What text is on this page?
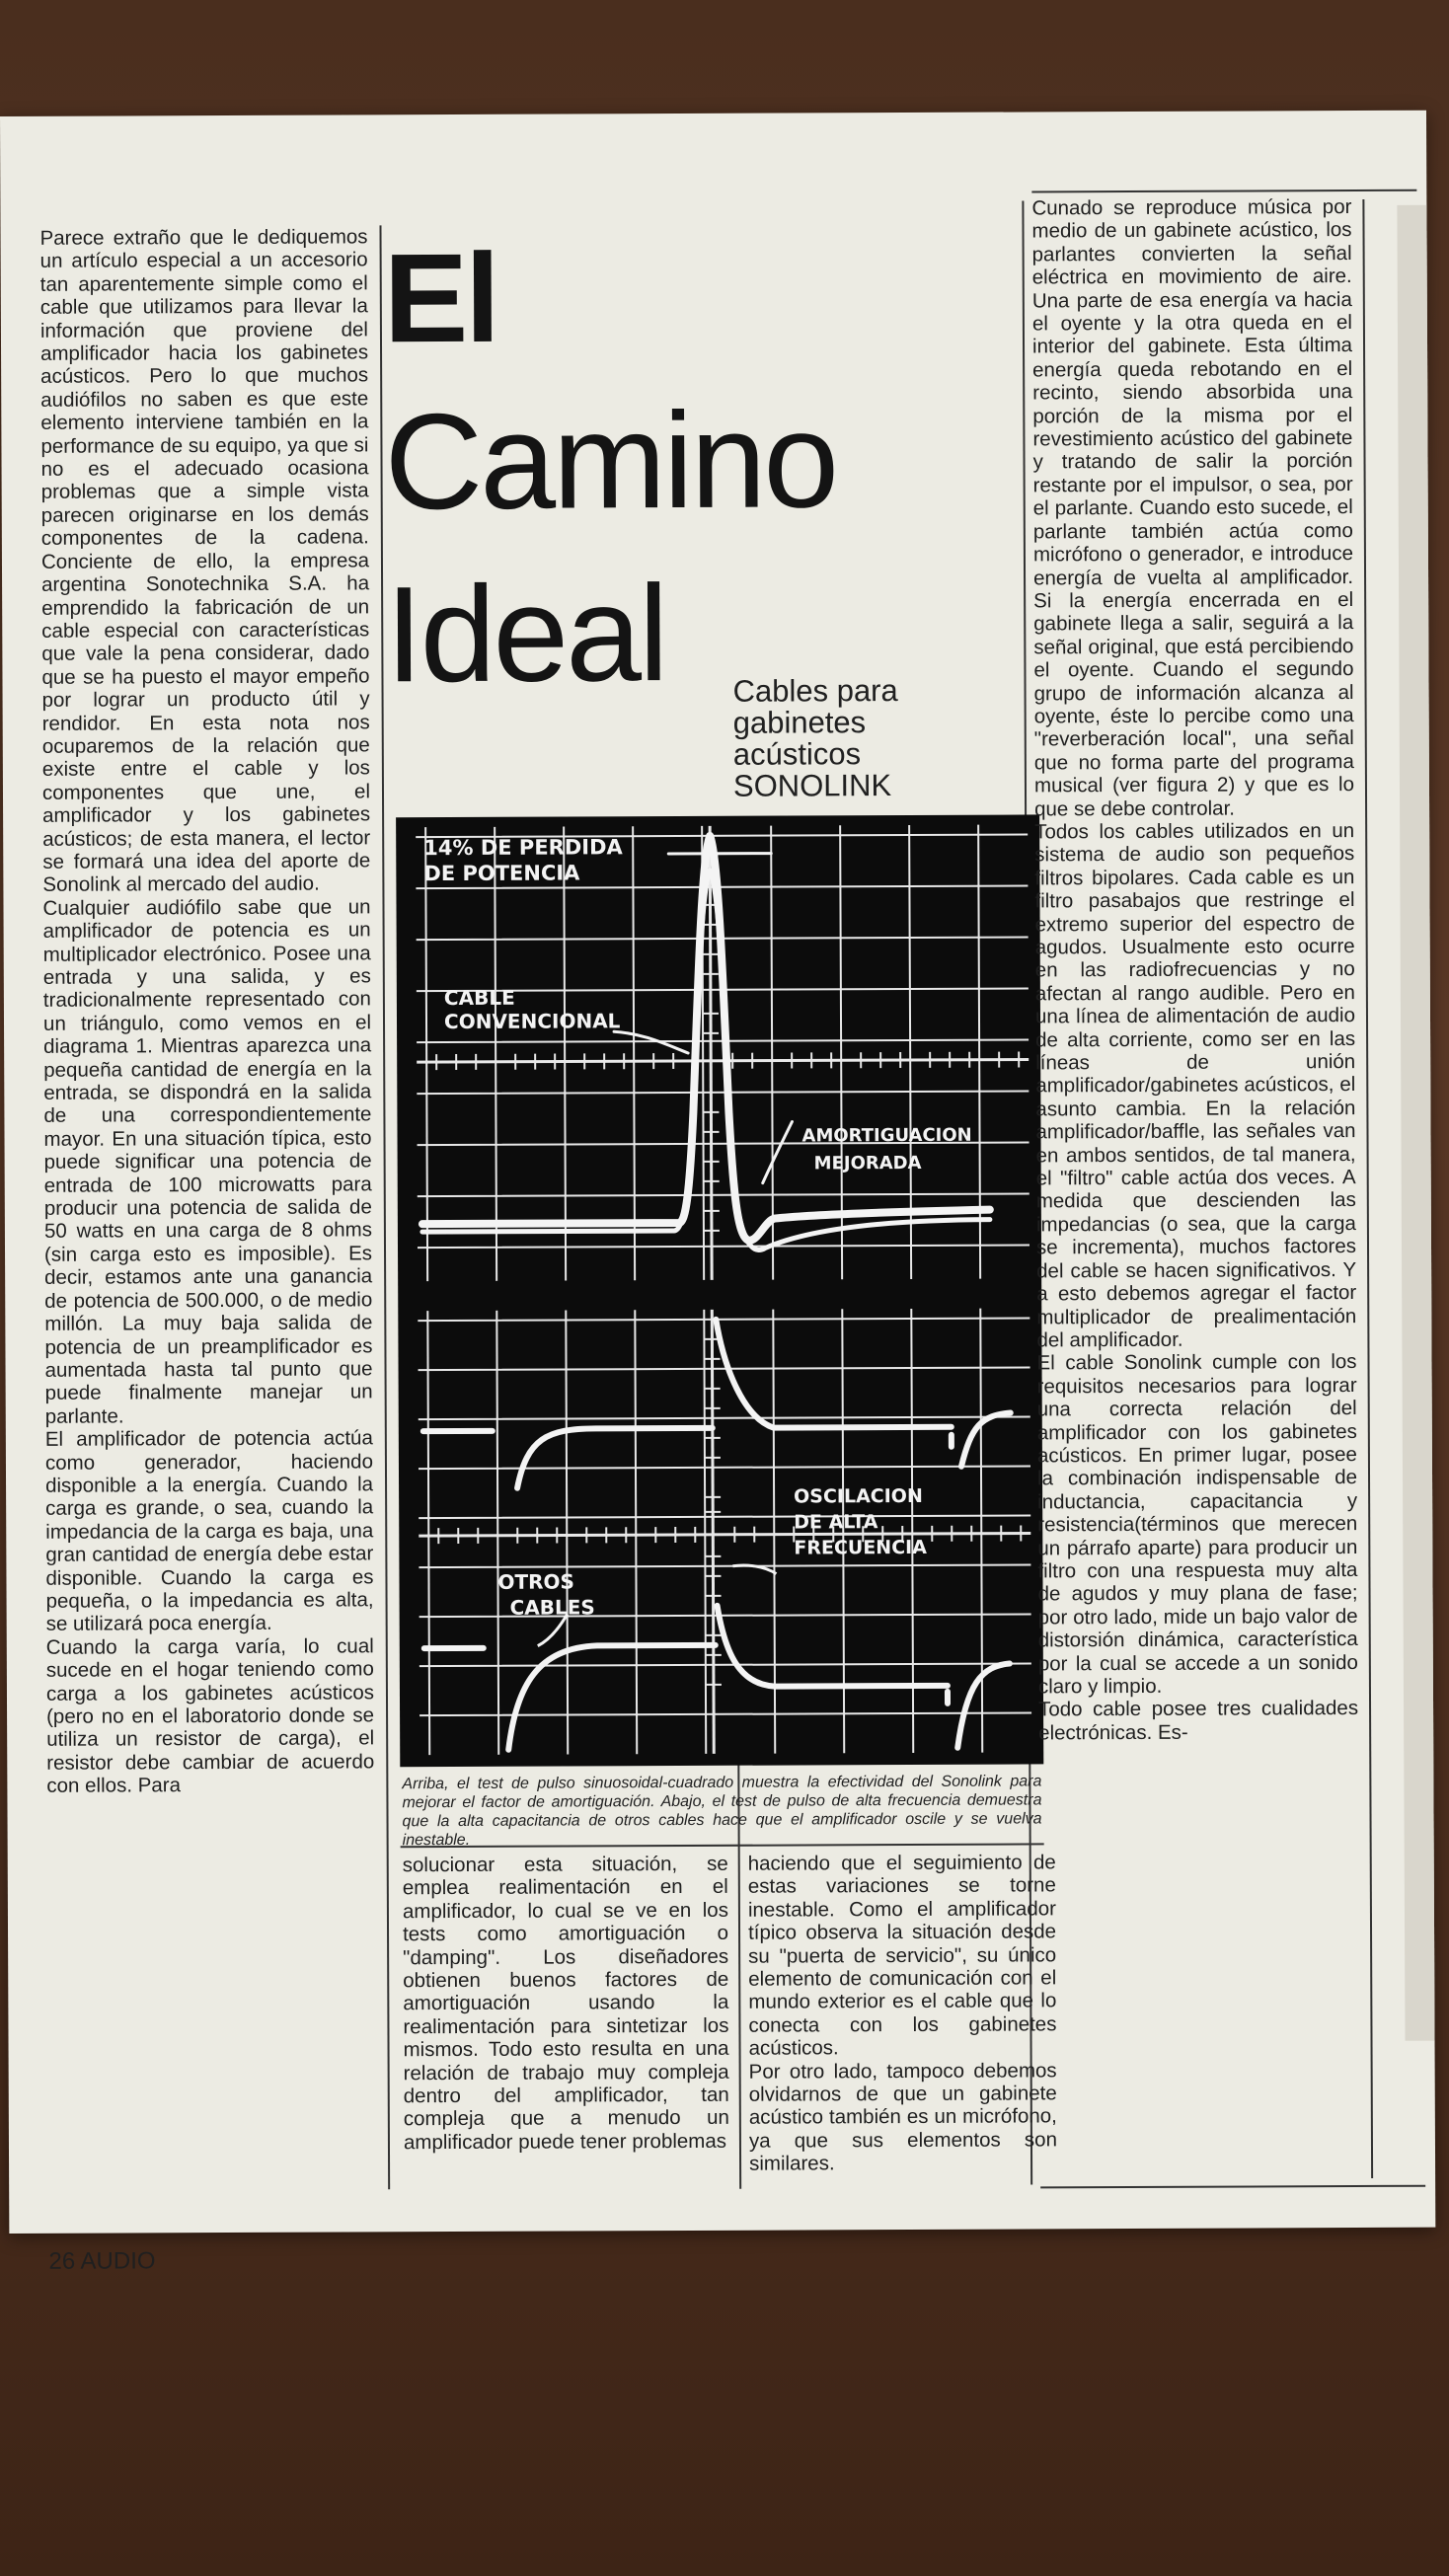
El
Camino
Ideal	Cables para
gabinetes
acústicos
SONOLINK
14% DE PERDIDA
DE POTENCIA
CABLE
CONVENCIONAL
AMORTIGUACION
MEJORADA
OSCILACION
DE ALTA
FRECUENCIA
OTROS
CABLES
Arriba, el test de pulso sinuosoidal-cuadrado muestra la efectividad del Sonolink para mejorar el factor de amortiguación. Abajo, el test de pulso de alta frecuencia demuestra que la alta capacitancia de otros cables hace que el amplificador oscile y se vuelva inestable.

Parece extraño que le dediquemos un artículo especial a un accesorio tan aparentemente simple como el cable que utilizamos para llevar la información que proviene del amplificador hacia los gabinetes acústicos. Pero lo que muchos audiófilos no saben es que este elemento interviene también en la performance de su equipo, ya que si no es el adecuado ocasiona problemas que a simple vista parecen originarse en los demás componentes de la cadena. Conciente de ello, la empresa argentina Sonotechnika S.A. ha emprendido la fabricación de un cable especial con características que vale la pena considerar, dado que se ha puesto el mayor empeño por lograr un producto útil y rendidor. En esta nota nos ocuparemos de la relación que existe entre el cable y los componentes que une, el amplificador y los gabinetes acústicos; de esta manera, el lector se formará una idea del aporte de Sonolink al mercado del audio.

Cualquier audiófilo sabe que un amplificador de potencia es un multiplicador electrónico. Posee una entrada y una salida, y es tradicionalmente representado con un triángulo, como vemos en el diagrama 1. Mientras aparezca una pequeña cantidad de energía en la entrada, se dispondrá en la salida de una correspondientemente mayor. En una situación típica, esto puede significar una potencia de entrada de 100 microwatts para producir una potencia de salida de 50 watts en una carga de 8 ohms (sin carga esto es imposible). Es decir, estamos ante una ganancia de potencia de 500.000, o de medio millón. La muy baja salida de potencia de un preamplificador es aumentada hasta tal punto que puede finalmente manejar un parlante.

El amplificador de potencia actúa como generador, haciendo disponible a la energía. Cuando la carga es grande, o sea, cuando la impedancia de la carga es baja, una gran cantidad de energía debe estar disponible. Cuando la carga es pequeña, o la impedancia es alta, se utilizará poca energía.

Cuando la carga varía, lo cual sucede en el hogar teniendo como carga a los gabinetes acústicos (pero no en el laboratorio donde se utiliza un resistor de carga), el resistor debe cambiar de acuerdo con ellos. Para

solucionar esta situación, se emplea realimentación en el amplificador, lo cual se ve en los tests como amortiguación o "damping". Los diseñadores obtienen buenos factores de amortiguación usando la realimentación para sintetizar los mismos. Todo esto resulta en una relación de trabajo muy compleja dentro del amplificador, tan compleja que a menudo un amplificador puede tener problemas

haciendo que el seguimiento de estas variaciones se torne inestable. Como el amplificador típico observa la situación desde su "puerta de servicio", su único elemento de comunicación con el mundo exterior es el cable que lo conecta con los gabinetes acústicos.

Por otro lado, tampoco debemos olvidarnos de que un gabinete acústico también es un micrófono, ya que sus elementos son similares.

Cunado se reproduce música por medio de un gabinete acústico, los parlantes convierten la señal eléctrica en movimiento de aire. Una parte de esa energía va hacia el oyente y la otra queda en el interior del gabinete. Esta última energía queda rebotando en el recinto, siendo absorbida una porción de la misma por el revestimiento acústico del gabinete y tratando de salir la porción restante por el impulsor, o sea, por el parlante. Cuando esto sucede, el parlante también actúa como micrófono o generador, e introduce energía de vuelta al amplificador. Si la energía encerrada en el gabinete llega a salir, seguirá a la señal original, que está percibiendo el oyente. Cuando el segundo grupo de información alcanza al oyente, éste lo percibe como una "reverberación local", una señal que no forma parte del programa musical (ver figura 2) y que es lo que se debe controlar.

Todos los cables utilizados en un sistema de audio son pequeños filtros bipolares. Cada cable es un filtro pasabajos que restringe el extremo superior del espectro de agudos. Usualmente esto ocurre en las radiofrecuencias y no afectan al rango audible. Pero en una línea de alimentación de audio de alta corriente, como ser en las líneas de unión amplificador/gabinetes acústicos, el asunto cambia. En la relación amplificador/baffle, las señales van en ambos sentidos, de tal manera, el "filtro" cable actúa dos veces. A medida que descienden las impedancias (o sea, que la carga se incrementa), muchos factores del cable se hacen significativos. Y a esto debemos agregar el factor multiplicador de prealimentación del amplificador.

El cable Sonolink cumple con los requisitos necesarios para lograr una correcta relación del amplificador con los gabinetes acústicos. En primer lugar, posee la combinación indispensable de inductancia, capacitancia y resistencia(términos que merecen un párrafo aparte) para producir un filtro con una respuesta muy alta de agudos y muy plana de fase; por otro lado, mide un bajo valor de distorsión dinámica, característica por la cual se accede a un sonido claro y limpio.

Todo cable posee tres cualidades electrónicas. Es-

26 AUDIO
